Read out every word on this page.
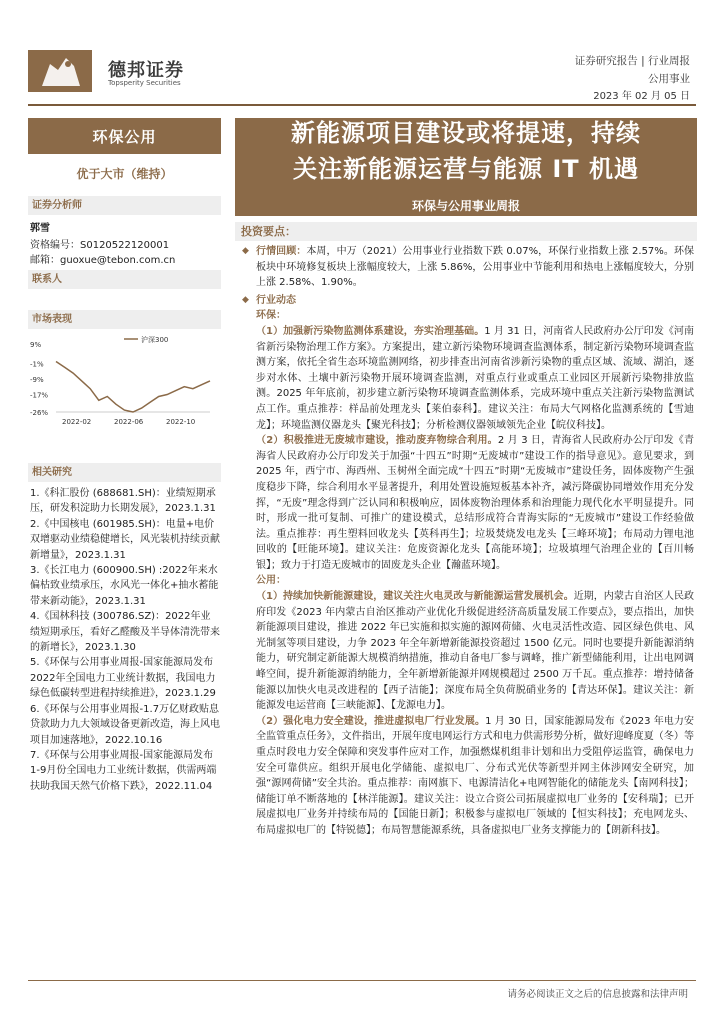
德邦证券
Topsperity Securities
证券研究报告 | 行业周报
公用事业
2023 年 02 月 05 日
环保公用
优于大市（维持）
证券分析师
郭雪
资格编号：S0120522120001
邮箱：guoxue@tebon.com.cn
联系人
市场表现
9%
-1%
-9%
-17%
-26%
2022-02	2022-06	2022-10
沪深300
相关研究
1.《科汇股份 (688681.SH)：业绩短期承压，研发积淀助力长期发展》，2023.1.31
2.《中国核电 (601985.SH)：电量+电价双增驱动业绩稳健增长，风光装机持续贡献新增量》，2023.1.31
3.《长江电力 (600900.SH) :2022年来水偏枯致业绩承压，水风光一体化+抽水蓄能带来新动能》，2023.1.31
4.《国林科技 (300786.SZ)：2022年业绩短期承压，看好乙醛酸及半导体清洗带来的新增长》，2023.1.30
5.《环保与公用事业周报-国家能源局发布2022年全国电力工业统计数据，我国电力绿色低碳转型进程持续推进》，2023.1.29
6.《环保与公用事业周报-1.7万亿财政贴息贷款助力九大领域设备更新改造，海上风电项目加速落地》，2022.10.16
7.《环保与公用事业周报-国家能源局发布1-9月份全国电力工业统计数据，供需两端扶助我国天然气价格下跌》，2022.11.04
新能源项目建设或将提速，持续
关注新能源运营与能源 IT 机遇
环保与公用事业周报
投资要点：
◆ 行情回顾：本周，中万（2021）公用事业行业指数下跌 0.07%，环保行业指数上涨 2.57%。环保板块中环境修复板块上涨幅度较大，上涨 5.86%，公用事业中节能利用和热电上涨幅度较大，分别上涨 2.58%、1.90%。
◆ 行业动态
环保：
（1）加强新污染物监测体系建设，夯实治理基础。1 月 31 日，河南省人民政府办公厅印发《河南省新污染物治理工作方案》。方案提出，建立新污染物环境调查监测体系，制定新污染物环境调查监测方案，依托全省生态环境监测网络，初步排查出河南省涉新污染物的重点区域、流域、湖泊，逐步对水体、土壤中新污染物开展环境调查监测，对重点行业或重点工业园区开展新污染物排放监测。2025 年年底前，初步建立新污染物环境调查监测体系，完成环境中重点关注新污染物监测试点工作。重点推荐：样品前处理龙头【莱伯泰科】。建议关注：布局大气网格化监测系统的【雪迪龙】；环境监测仪器龙头【聚光科技】；分析检测仪器领域领先企业【皖仪科技】。
（2）积极推进无废城市建设，推动废弃物综合利用。2 月 3 日，青海省人民政府办公厅印发《青海省人民政府办公厅印发关于加强“十四五”时期“无废城市”建设工作的指导意见》。意见要求，到 2025 年，西宁市、海西州、玉树州全面完成“十四五”时期“无废城市”建设任务，固体废物产生强度稳步下降，综合利用水平显著提升，利用处置设施短板基本补齐，减污降碳协同增效作用充分发挥，“无废”理念得到广泛认同和积极响应，固体废物治理体系和治理能力现代化水平明显提升。同时，形成一批可复制、可推广的建设模式，总结形成符合青海实际的“无废城市”建设工作经验做法。重点推荐：再生塑料回收龙头【英科再生】；垃圾焚烧发电龙头【三峰环境】；布局动力锂电池回收的【旺能环境】。建议关注：危废资源化龙头【高能环境】；垃圾填埋气治理企业的【百川畅银】；致力于打造无废城市的固废龙头企业【瀚蓝环境】。
公用：
（1）持续加快新能源建设，建议关注火电灵改与新能源运营发展机会。近期，内蒙古自治区人民政府印发《2023 年内蒙古自治区推动产业优化升级促进经济高质量发展工作要点》，要点指出，加快新能源项目建设，推进 2022 年已实施和拟实施的源网荷储、火电灵活性改造、园区绿色供电、风光制氢等项目建设，力争 2023 年全年新增新能源投资超过 1500 亿元。同时也要提升新能源消纳能力，研究制定新能源大规模消纳措施，推动自备电厂参与调峰，推广新型储能利用，让出电网调峰空间，提升新能源消纳能力，全年新增新能源并网规模超过 2500 万千瓦。重点推荐：增持储备能源以加快火电灵改进程的【西子洁能】；深度布局全负荷脱硝业务的【青达环保】。建议关注：新能源发电运营商【三峡能源】、【龙源电力】。
（2）强化电力安全建设，推进虚拟电厂行业发展。1 月 30 日，国家能源局发布《2023 年电力安全监管重点任务》，文件指出，开展年度电网运行方式和电力供需形势分析，做好迎峰度夏（冬）等重点时段电力安全保障和突发事件应对工作，加强燃煤机组非计划和出力受阻停运监管，确保电力安全可靠供应。组织开展电化学储能、虚拟电厂、分布式光伏等新型并网主体涉网安全研究，加强“源网荷储”安全共治。重点推荐：南网旗下、电源清洁化+电网智能化的储能龙头【南网科技】；储能订单不断落地的【林洋能源】。建议关注：设立合资公司拓展虚拟电厂业务的【安科瑞】；已开展虚拟电厂业务并持续布局的【国能日新】；积极参与虚拟电厂领域的【恒实科技】；充电网龙头、布局虚拟电厂的【特锐德】；布局智慧能源系统，具备虚拟电厂业务支撑能力的【朗新科技】。
请务必阅读正文之后的信息披露和法律声明
